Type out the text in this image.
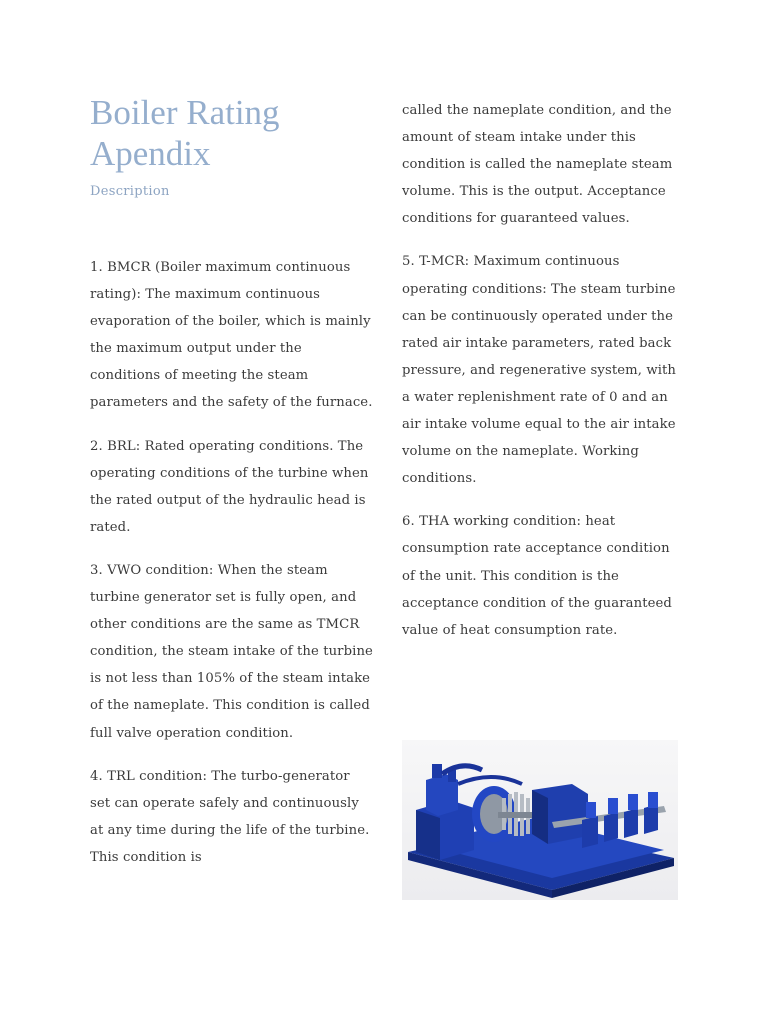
Boiler Rating
Apendix
Description

1. BMCR (Boiler maximum continuous rating): The maximum continuous evaporation of the boiler, which is mainly the maximum output under the conditions of meeting the steam parameters and the safety of the furnace.

2. BRL: Rated operating conditions. The operating conditions of the turbine when the rated output of the hydraulic head is rated.

3. VWO condition: When the steam turbine generator set is fully open, and other conditions are the same as TMCR condition, the steam intake of the turbine is not less than 105% of the steam intake of the nameplate. This condition is called full valve operation condition.

4. TRL condition: The turbo-generator set can operate safely and continuously at any time during the life of the turbine. This condition is

called the nameplate condition, and the amount of steam intake under this condition is called the nameplate steam volume. This is the output. Acceptance conditions for guaranteed values.

5. T-MCR: Maximum continuous operating conditions: The steam turbine can be continuously operated under the rated air intake parameters, rated back pressure, and regenerative system, with a water replenishment rate of 0 and an air intake volume equal to the air intake volume on the nameplate. Working conditions.

6. THA working condition: heat consumption rate acceptance condition of the unit. This condition is the acceptance condition of the guaranteed value of heat consumption rate.
